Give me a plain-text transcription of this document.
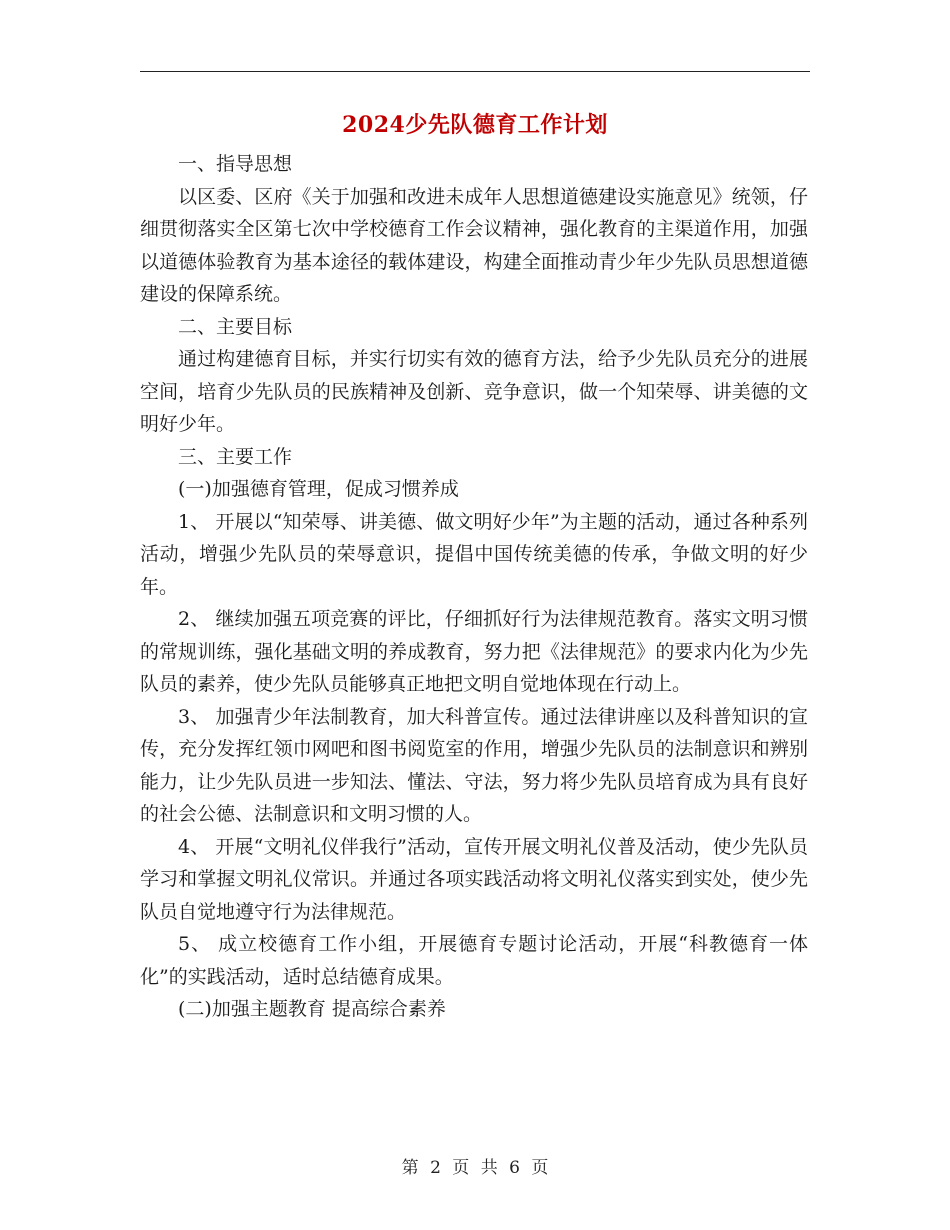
2024少先队德育工作计划

一、指导思想

以区委、区府《关于加强和改进未成年人思想道德建设实施意见》统领，仔细贯彻落实全区第七次中学校德育工作会议精神，强化教育的主渠道作用，加强以道德体验教育为基本途径的载体建设，构建全面推动青少年少先队员思想道德建设的保障系统。

二、主要目标

通过构建德育目标，并实行切实有效的德育方法，给予少先队员充分的进展空间，培育少先队员的民族精神及创新、竞争意识，做一个知荣辱、讲美德的文明好少年。

三、主要工作

(一)加强德育管理，促成习惯养成

1、 开展以“知荣辱、讲美德、做文明好少年”为主题的活动，通过各种系列活动，增强少先队员的荣辱意识，提倡中国传统美德的传承，争做文明的好少年。

2、 继续加强五项竞赛的评比，仔细抓好行为法律规范教育。落实文明习惯的常规训练，强化基础文明的养成教育，努力把《法律规范》的要求内化为少先队员的素养，使少先队员能够真正地把文明自觉地体现在行动上。

3、 加强青少年法制教育，加大科普宣传。通过法律讲座以及科普知识的宣传，充分发挥红领巾网吧和图书阅览室的作用，增强少先队员的法制意识和辨别能力，让少先队员进一步知法、懂法、守法，努力将少先队员培育成为具有良好的社会公德、法制意识和文明习惯的人。

4、 开展“文明礼仪伴我行”活动，宣传开展文明礼仪普及活动，使少先队员学习和掌握文明礼仪常识。并通过各项实践活动将文明礼仪落实到实处，使少先队员自觉地遵守行为法律规范。

5、 成立校德育工作小组，开展德育专题讨论活动，开展“科教德育一体化”的实践活动，适时总结德育成果。

(二)加强主题教育 提高综合素养

第 2 页 共 6 页
